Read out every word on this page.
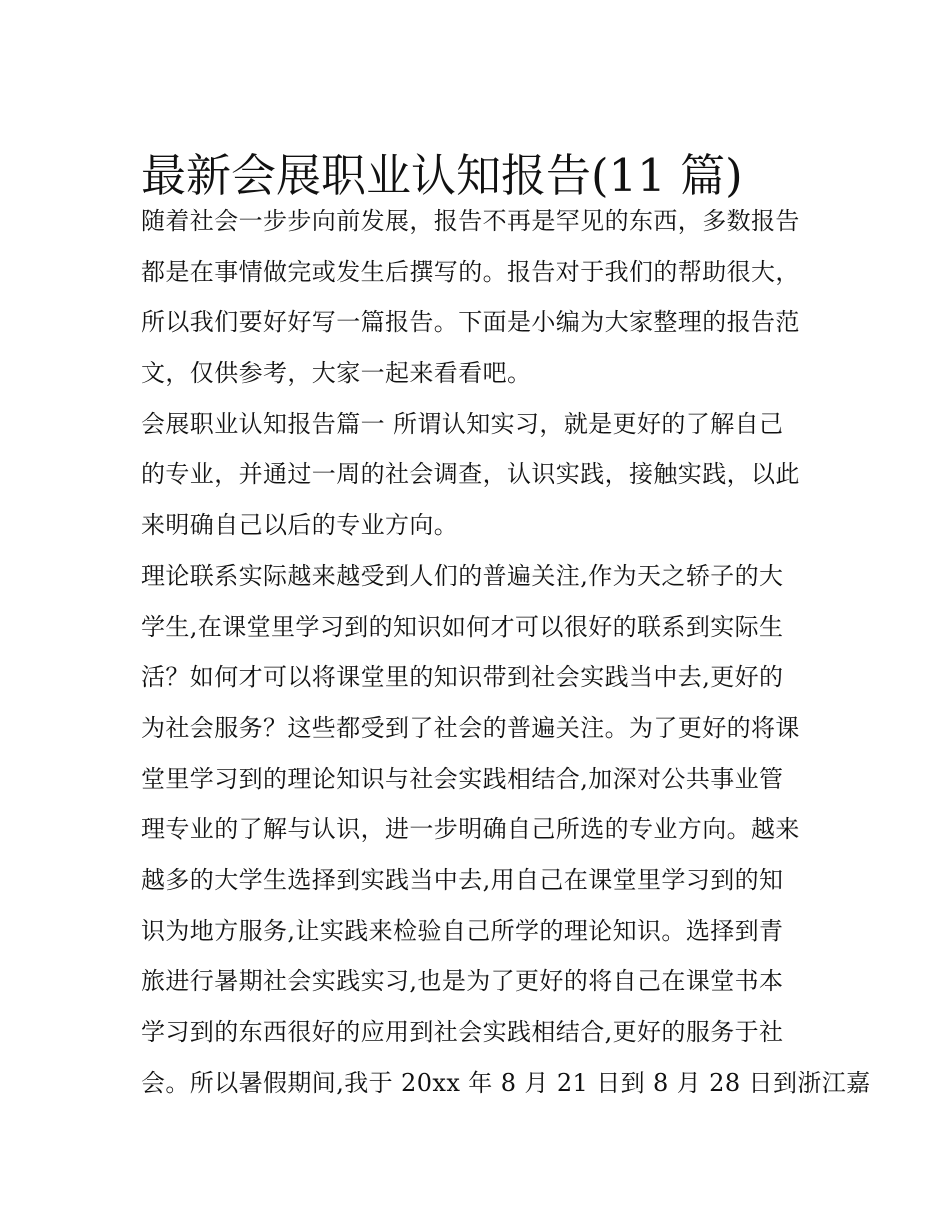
最新会展职业认知报告(11 篇)
随着社会一步步向前发展，报告不再是罕见的东西，多数报告
都是在事情做完或发生后撰写的。报告对于我们的帮助很大，
所以我们要好好写一篇报告。下面是小编为大家整理的报告范
文，仅供参考，大家一起来看看吧。
会展职业认知报告篇一 所谓认知实习，就是更好的了解自己
的专业，并通过一周的社会调查，认识实践，接触实践，以此
来明确自己以后的专业方向。
理论联系实际越来越受到人们的普遍关注,作为天之轿子的大
学生,在课堂里学习到的知识如何才可以很好的联系到实际生
活？如何才可以将课堂里的知识带到社会实践当中去,更好的
为社会服务？这些都受到了社会的普遍关注。为了更好的将课
堂里学习到的理论知识与社会实践相结合,加深对公共事业管
理专业的了解与认识，进一步明确自己所选的专业方向。越来
越多的大学生选择到实践当中去,用自己在课堂里学习到的知
识为地方服务,让实践来检验自己所学的理论知识。选择到青
旅进行暑期社会实践实习,也是为了更好的将自己在课堂书本
学习到的东西很好的应用到社会实践相结合,更好的服务于社
会。所以暑假期间,我于 20xx 年 8 月 21 日到 8 月 28 日到浙江嘉
